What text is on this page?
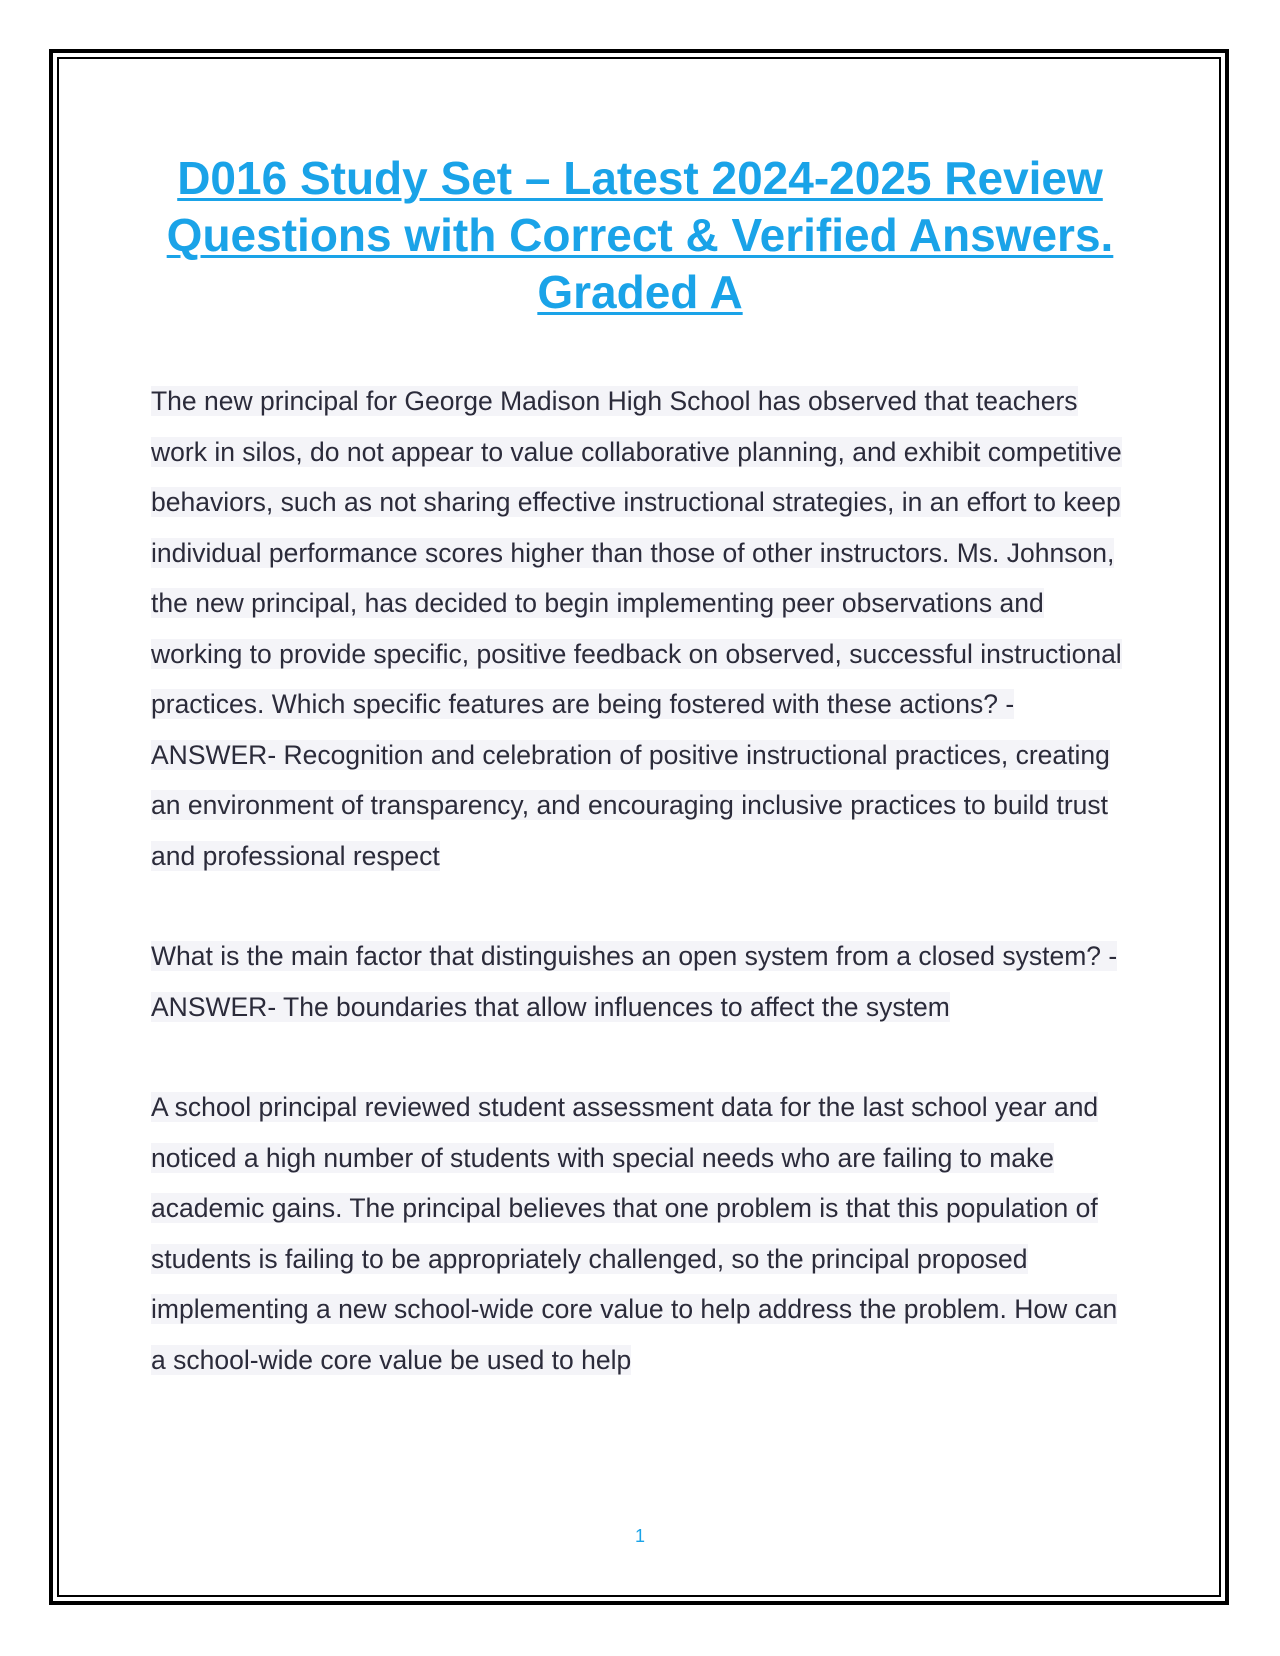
D016 Study Set – Latest 2024-2025 Review Questions with Correct & Verified Answers. Graded A

The new principal for George Madison High School has observed that teachers work in silos, do not appear to value collaborative planning, and exhibit competitive behaviors, such as not sharing effective instructional strategies, in an effort to keep individual performance scores higher than those of other instructors. Ms. Johnson, the new principal, has decided to begin implementing peer observations and working to provide specific, positive feedback on observed, successful instructional practices. Which specific features are being fostered with these actions? - ANSWER- Recognition and celebration of positive instructional practices, creating an environment of transparency, and encouraging inclusive practices to build trust and professional respect

What is the main factor that distinguishes an open system from a closed system? - ANSWER- The boundaries that allow influences to affect the system

A school principal reviewed student assessment data for the last school year and noticed a high number of students with special needs who are failing to make academic gains. The principal believes that one problem is that this population of students is failing to be appropriately challenged, so the principal proposed implementing a new school-wide core value to help address the problem. How can a school-wide core value be used to help

1
